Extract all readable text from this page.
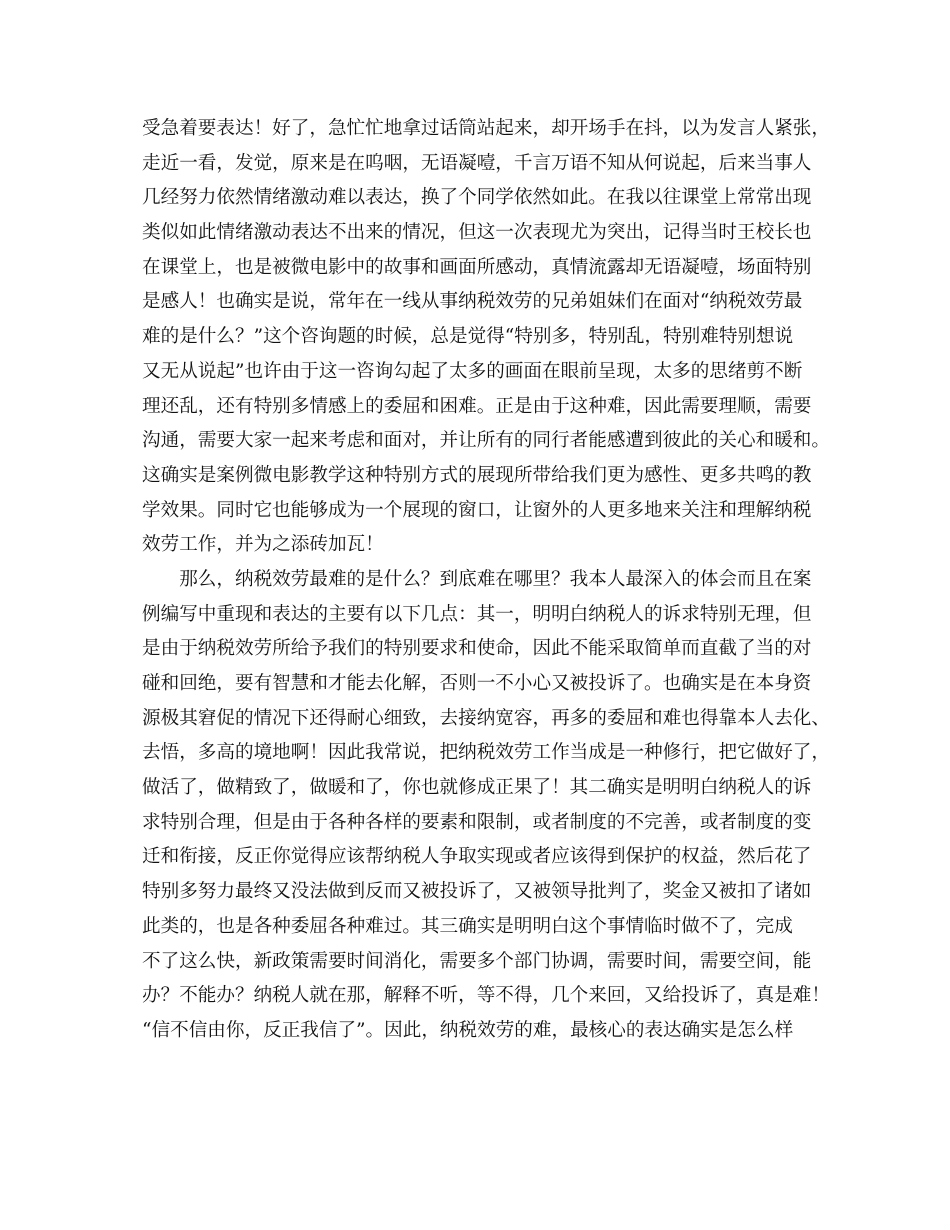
受急着要表达！好了，急忙忙地拿过话筒站起来，却开场手在抖，以为发言人紧张，
走近一看，发觉，原来是在呜咽，无语凝噎，千言万语不知从何说起，后来当事人
几经努力依然情绪激动难以表达，换了个同学依然如此。在我以往课堂上常常出现
类似如此情绪激动表达不出来的情况，但这一次表现尤为突出，记得当时王校长也
在课堂上，也是被微电影中的故事和画面所感动，真情流露却无语凝噎，场面特别
是感人！也确实是说，常年在一线从事纳税效劳的兄弟姐妹们在面对“纳税效劳最
难的是什么？”这个咨询题的时候，总是觉得“特别多，特别乱，特别难特别想说
又无从说起”也许由于这一咨询勾起了太多的画面在眼前呈现，太多的思绪剪不断
理还乱，还有特别多情感上的委屈和困难。正是由于这种难，因此需要理顺，需要
沟通，需要大家一起来考虑和面对，并让所有的同行者能感遭到彼此的关心和暖和。
这确实是案例微电影教学这种特别方式的展现所带给我们更为感性、更多共鸣的教
学效果。同时它也能够成为一个展现的窗口，让窗外的人更多地来关注和理解纳税
效劳工作，并为之添砖加瓦！
　　那么，纳税效劳最难的是什么？到底难在哪里？我本人最深入的体会而且在案
例编写中重现和表达的主要有以下几点：其一，明明白纳税人的诉求特别无理，但
是由于纳税效劳所给予我们的特别要求和使命，因此不能采取简单而直截了当的对
碰和回绝，要有智慧和才能去化解，否则一不小心又被投诉了。也确实是在本身资
源极其窘促的情况下还得耐心细致，去接纳宽容，再多的委屈和难也得靠本人去化、
去悟，多高的境地啊！因此我常说，把纳税效劳工作当成是一种修行，把它做好了，
做活了，做精致了，做暖和了，你也就修成正果了！其二确实是明明白纳税人的诉
求特别合理，但是由于各种各样的要素和限制，或者制度的不完善，或者制度的变
迁和衔接，反正你觉得应该帮纳税人争取实现或者应该得到保护的权益，然后花了
特别多努力最终又没法做到反而又被投诉了，又被领导批判了，奖金又被扣了诸如
此类的，也是各种委屈各种难过。其三确实是明明白这个事情临时做不了，完成
不了这么快，新政策需要时间消化，需要多个部门协调，需要时间，需要空间，能
办？不能办？纳税人就在那，解释不听，等不得，几个来回，又给投诉了，真是难！
“信不信由你，反正我信了”。因此，纳税效劳的难，最核心的表达确实是怎么样
